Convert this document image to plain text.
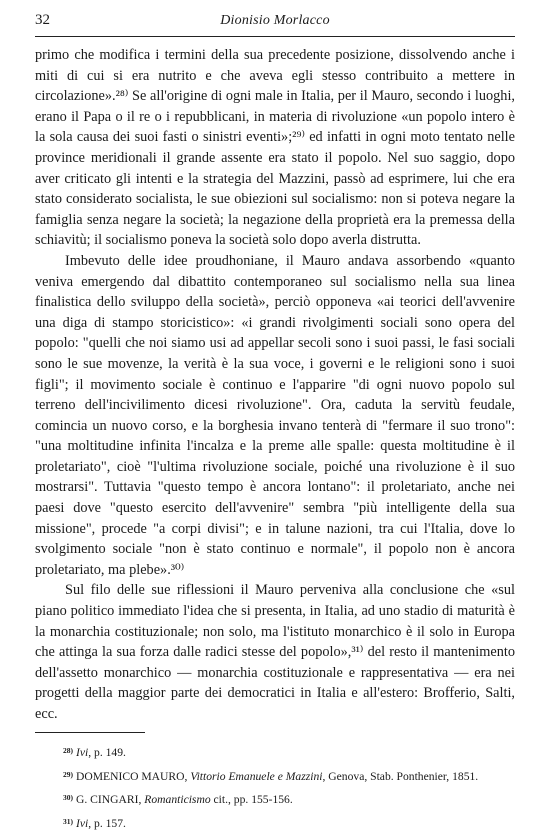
32	Dionisio Morlacco

primo che modifica i termini della sua precedente posizione, dissolvendo anche i miti di cui si era nutrito e che aveva egli stesso contribuito a mettere in circolazione».²⁸⁾ Se all'origine di ogni male in Italia, per il Mauro, secondo i luoghi, erano il Papa o il re o i repubblicani, in materia di rivoluzione «un popolo intero è la sola causa dei suoi fasti o sinistri eventi»;²⁹⁾ ed infatti in ogni moto tentato nelle province meridionali il grande assente era stato il popolo. Nel suo saggio, dopo aver criticato gli intenti e la strategia del Mazzini, passò ad esprimere, lui che era stato considerato socialista, le sue obiezioni sul socialismo: non si poteva negare la famiglia senza negare la società; la negazione della proprietà era la premessa della schiavitù; il socialismo poneva la società solo dopo averla distrutta.

Imbevuto delle idee proudhoniane, il Mauro andava assorbendo «quanto veniva emergendo dal dibattito contemporaneo sul socialismo nella sua linea finalistica dello sviluppo della società», perciò opponeva «ai teorici dell'avvenire una diga di stampo storicistico»: «i grandi rivolgimenti sociali sono opera del popolo: "quelli che noi siamo usi ad appellar secoli sono i suoi passi, le fasi sociali sono le sue movenze, la verità è la sua voce, i governi e le religioni sono i suoi figli"; il movimento sociale è continuo e l'apparire "di ogni nuovo popolo sul terreno dell'incivilimento dicesi rivoluzione". Ora, caduta la servitù feudale, comincia un nuovo corso, e la borghesia invano tenterà di "fermare il suo trono": "una moltitudine infinita l'incalza e la preme alle spalle: questa moltitudine è il proletariato", cioè "l'ultima rivoluzione sociale, poiché una rivoluzione è il suo mostrarsi". Tuttavia "questo tempo è ancora lontano": il proletariato, anche nei paesi dove "questo esercito dell'avvenire" sembra "più intelligente della sua missione", procede "a corpi divisi"; e in talune nazioni, tra cui l'Italia, dove lo svolgimento sociale "non è stato continuo e normale", il popolo non è ancora proletariato, ma plebe».³⁰⁾

Sul filo delle sue riflessioni il Mauro perveniva alla conclusione che «sul piano politico immediato l'idea che si presenta, in Italia, ad uno stadio di maturità è la monarchia costituzionale; non solo, ma l'istituto monarchico è il solo in Europa che attinga la sua forza dalle radici stesse del popolo»,³¹⁾ del resto il mantenimento dell'assetto monarchico — monarchia costituzionale e rappresentativa — era nei progetti della maggior parte dei democratici in Italia e all'estero: Brofferio, Salti, ecc.

$^{28)}$ Ivi, p. 149.

$^{29)}$ DOMENICO MAURO, Vittorio Emanuele e Mazzini, Genova, Stab. Ponthenier, 1851.

$^{30)}$ G. CINGARI, Romanticismo cit., pp. 155-156.

$^{31)}$ Ivi, p. 157.
